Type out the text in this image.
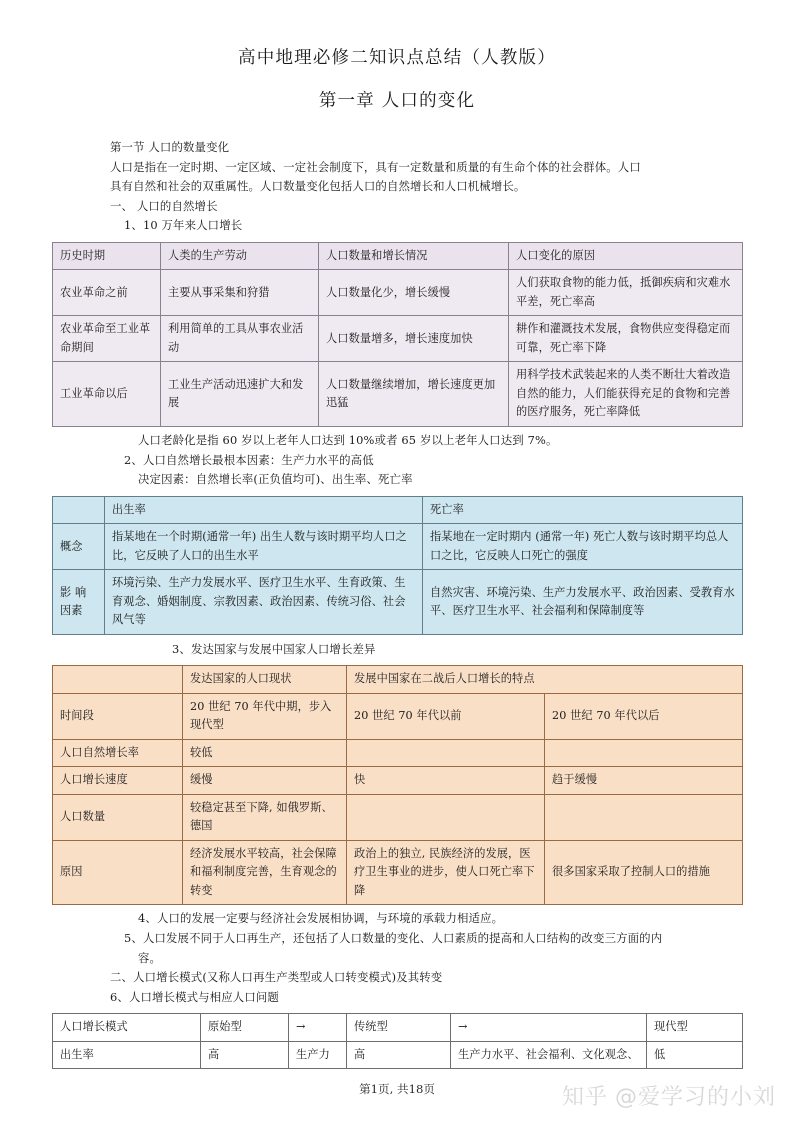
高中地理必修二知识点总结（人教版）
第一章 人口的变化

第一节 人口的数量变化

人口是指在一定时期、一定区域、一定社会制度下，具有一定数量和质量的有生命个体的社会群体。人口

具有自然和社会的双重属性。人口数量变化包括人口的自然增长和人口机械增长。

一、 人口的自然增长

1、10 万年来人口增长

历史时期	人类的生产劳动	人口数量和增长情况	人口变化的原因
农业革命之前	主要从事采集和狩猎	人口数量化少，增长缓慢	人们获取食物的能力低，抵御疾病和灾难水平差，死亡率高
农业革命至工业革命期间	利用简单的工具从事农业活动	人口数量增多，增长速度加快	耕作和灌溉技术发展，食物供应变得稳定而可靠，死亡率下降
工业革命以后	工业生产活动迅速扩大和发展	人口数量继续增加，增长速度更加迅猛	用科学技术武装起来的人类不断壮大着改造自然的能力，人们能获得充足的食物和完善的医疗服务，死亡率降低

人口老龄化是指 60 岁以上老年人口达到 10%或者 65 岁以上老年人口达到 7%。

2、人口自然增长最根本因素：生产力水平的高低

决定因素：自然增长率(正负值均可)、出生率、死亡率

	出生率	死亡率
概念	指某地在一个时期(通常一年) 出生人数与该时期平均人口之比，它反映了人口的出生水平	指某地在一定时期内 (通常一年) 死亡人数与该时期平均总人口之比，它反映人口死亡的强度
影 响因素	环境污染、生产力发展水平、医疗卫生水平、生育政策、生育观念、婚姻制度、宗教因素、政治因素、传统习俗、社会风气等	自然灾害、环境污染、生产力发展水平、政治因素、受教育水平、医疗卫生水平、社会福利和保障制度等

3、发达国家与发展中国家人口增长差异

	发达国家的人口现状	发展中国家在二战后人口增长的特点	
时间段	20 世纪 70 年代中期，步入现代型	20 世纪 70 年代以前	20 世纪 70 年代以后
人口自然增长率	较低		
人口增长速度	缓慢	快	趋于缓慢
人口数量	较稳定甚至下降, 如俄罗斯、德国		
原因	经济发展水平较高，社会保障和福利制度完善，生育观念的转变	政治上的独立, 民族经济的发展，医疗卫生事业的进步，使人口死亡率下降	很多国家采取了控制人口的措施

4、人口的发展一定要与经济社会发展相协调，与环境的承载力相适应。

5、人口发展不同于人口再生产，还包括了人口数量的变化、人口素质的提高和人口结构的改变三方面的内

容。

二、人口增长模式(又称人口再生产类型或人口转变模式)及其转变

6、人口增长模式与相应人口问题

人口增长模式	原始型	→	传统型	→	现代型
出生率	高	生产力	高	生产力水平、社会福利、文化观念、	低
第1页, 共18页	知乎 @爱学习的小刘
